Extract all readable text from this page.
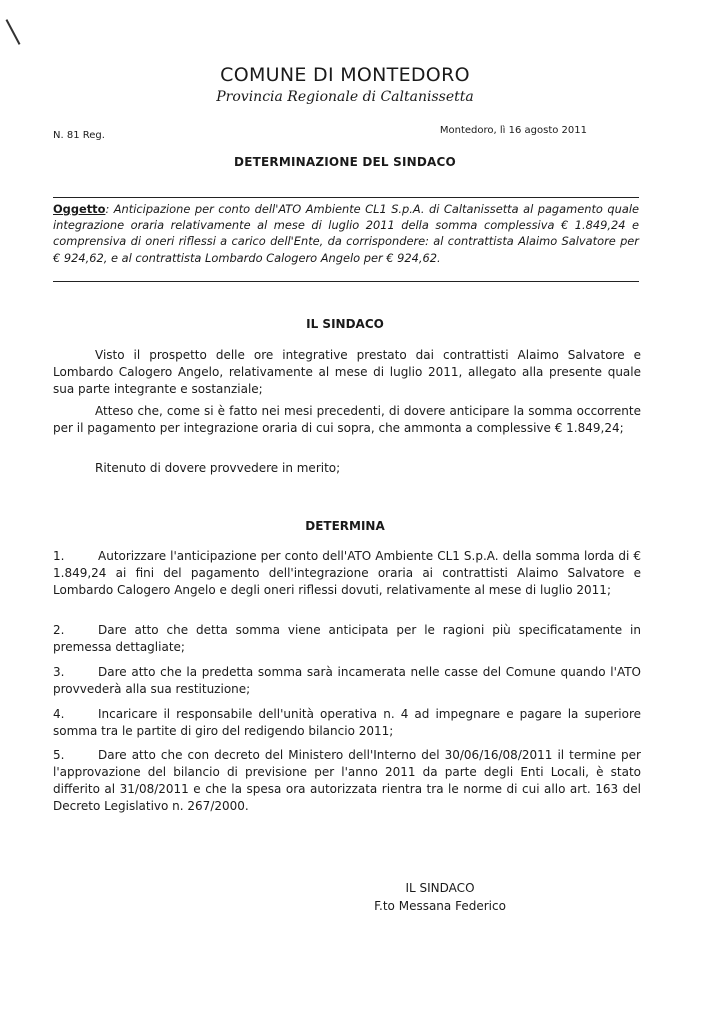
COMUNE DI MONTEDORO
Provincia Regionale di Caltanissetta
N. 81 Reg.	Montedoro, lì 16 agosto 2011
DETERMINAZIONE DEL SINDACO
Oggetto: Anticipazione per conto dell'ATO Ambiente CL1 S.p.A. di Caltanissetta al pagamento quale integrazione oraria relativamente al mese di luglio 2011 della somma complessiva € 1.849,24 e comprensiva di oneri riflessi a carico dell'Ente, da corrispondere: al contrattista Alaimo Salvatore per € 924,62, e al contrattista Lombardo Calogero Angelo per € 924,62.
IL SINDACO
Visto il prospetto delle ore integrative prestato dai contrattisti Alaimo Salvatore e Lombardo Calogero Angelo, relativamente al mese di luglio 2011, allegato alla presente quale sua parte integrante e sostanziale;
Atteso che, come si è fatto nei mesi precedenti, di dovere anticipare la somma occorrente per il pagamento per integrazione oraria di cui sopra, che ammonta a complessive € 1.849,24;
Ritenuto di dovere provvedere in merito;
DETERMINA
1.	Autorizzare l'anticipazione per conto dell'ATO Ambiente CL1 S.p.A. della somma lorda di € 1.849,24 ai fini del pagamento dell'integrazione oraria ai contrattisti Alaimo Salvatore e Lombardo Calogero Angelo e degli oneri riflessi dovuti, relativamente al mese di luglio 2011;
2.	Dare atto che detta somma viene anticipata per le ragioni più specificatamente in premessa dettagliate;
3.	Dare atto che la predetta somma sarà incamerata nelle casse del Comune quando l'ATO provvederà alla sua restituzione;
4.	Incaricare il responsabile dell'unità operativa n. 4 ad impegnare e pagare la superiore somma tra le partite di giro del redigendo bilancio 2011;
5.	Dare atto che con decreto del Ministero dell'Interno del 30/06/16/08/2011 il termine per l'approvazione del bilancio di previsione per l'anno 2011 da parte degli Enti Locali, è stato differito al 31/08/2011 e che la spesa ora autorizzata rientra tra le norme di cui allo art. 163 del Decreto Legislativo n. 267/2000.
IL SINDACO
F.to Messana Federico
